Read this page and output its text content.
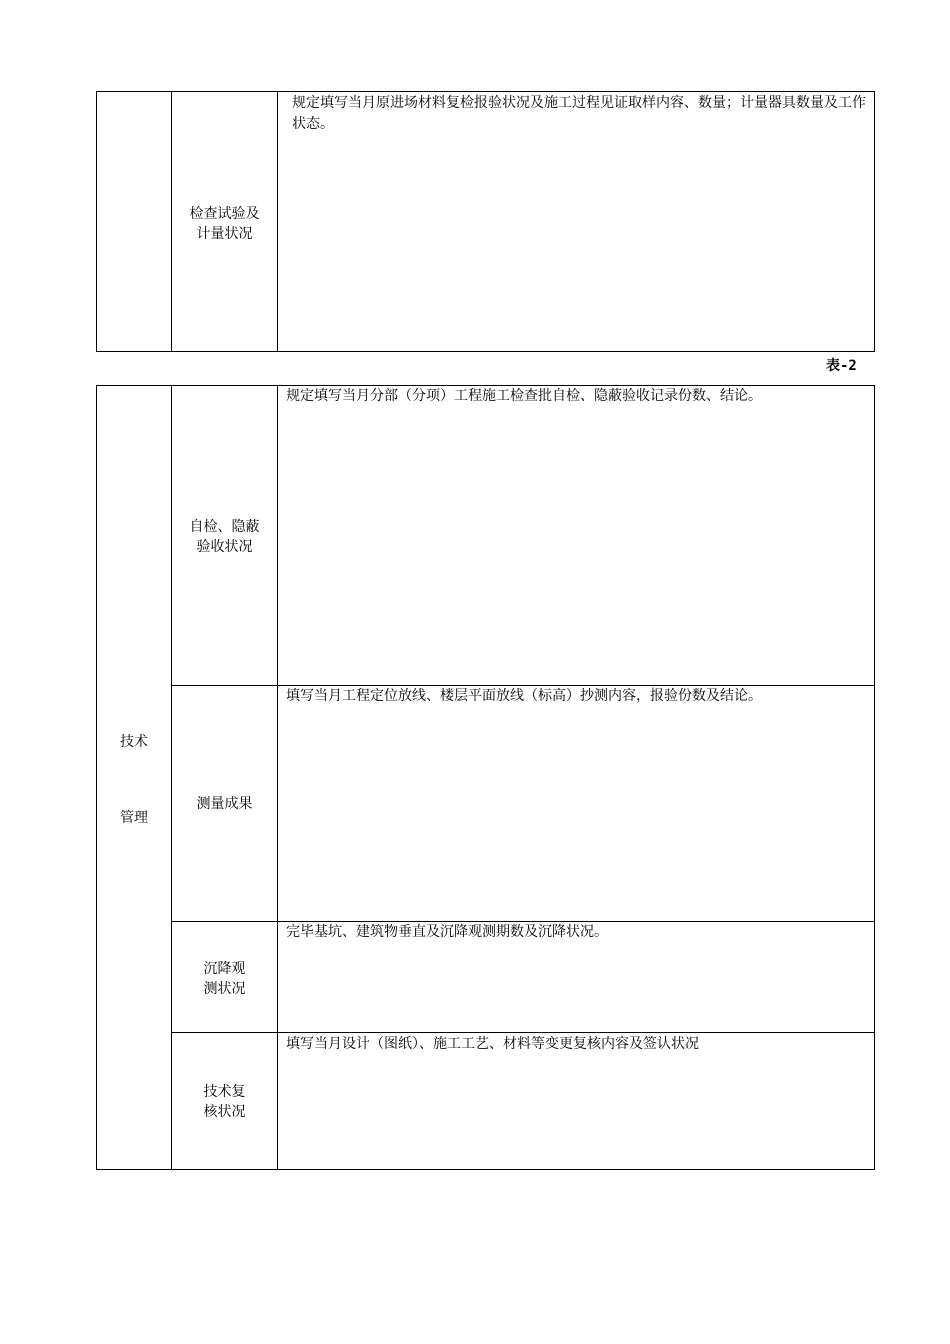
检查试验及
计量状况
规定填写当月原进场材料复检报验状况及施工过程见证取样内容、数量；计量器具数量及工作状态。
表-2
技术
管理
自检、隐蔽
验收状况
规定填写当月分部（分项）工程施工检查批自检、隐蔽验收记录份数、结论。
测量成果
填写当月工程定位放线、楼层平面放线（标高）抄测内容，报验份数及结论。
沉降观
测状况
完毕基坑、建筑物垂直及沉降观测期数及沉降状况。
技术复
核状况
填写当月设计（图纸）、施工工艺、材料等变更复核内容及签认状况
